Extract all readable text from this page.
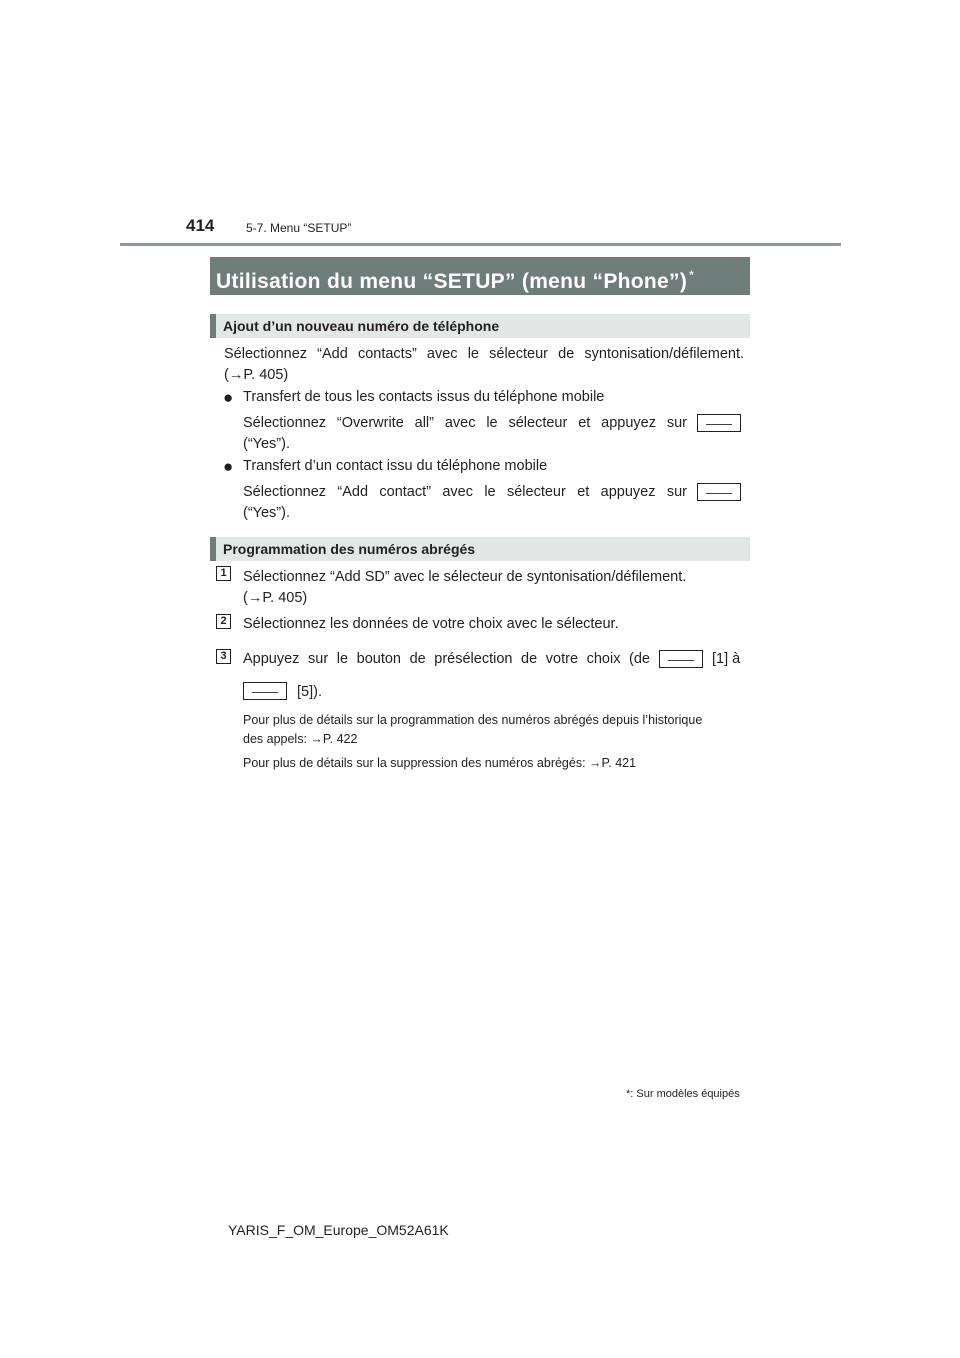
414	5-7. Menu “SETUP”
Utilisation du menu “SETUP” (menu “Phone”) *
Ajout d’un nouveau numéro de téléphone
Sélectionnez “Add contacts” avec le sélecteur de syntonisation/défilement.
(→P. 405)
● Transfert de tous les contacts issus du téléphone mobile
Sélectionnez “Overwrite all” avec le sélecteur et appuyez sur	——
(“Yes”).
● Transfert d’un contact issu du téléphone mobile
Sélectionnez “Add contact” avec le sélecteur et appuyez sur	——
(“Yes”).
Programmation des numéros abrégés
1	Sélectionnez “Add SD” avec le sélecteur de syntonisation/défilement.
(→P. 405)
2	Sélectionnez les données de votre choix avec le sélecteur.
3	Appuyez sur le bouton de présélection de votre choix (de	——	[1] à
——	[5]).
Pour plus de détails sur la programmation des numéros abrégés depuis l’historique
des appels: →P. 422
Pour plus de détails sur la suppression des numéros abrégés: →P. 421
*: Sur modèles équipés
YARIS_F_OM_Europe_OM52A61K
